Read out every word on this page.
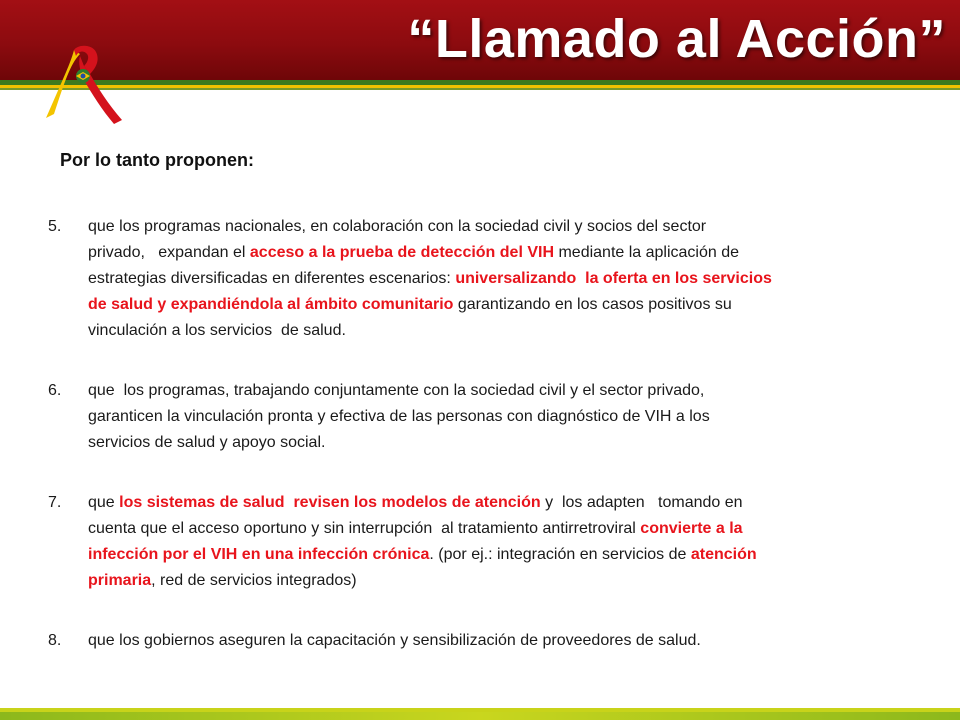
“Llamado al Acción”
Por lo tanto proponen:
5.	que los programas nacionales, en colaboración con la sociedad civil y socios del sector
privado,   expandan el acceso a la prueba de detección del VIH mediante la aplicación de
estrategias diversificadas en diferentes escenarios: universalizando  la oferta en los servicios
de salud y expandiéndola al ámbito comunitario garantizando en los casos positivos su
vinculación a los servicios  de salud.
6.	que  los programas, trabajando conjuntamente con la sociedad civil y el sector privado,
garanticen la vinculación pronta y efectiva de las personas con diagnóstico de VIH a los
servicios de salud y apoyo social.
7.	que los sistemas de salud  revisen los modelos de atención y  los adapten   tomando en
cuenta que el acceso oportuno y sin interrupción  al tratamiento antirretroviral convierte a la
infección por el VIH en una infección crónica. (por ej.: integración en servicios de atención
primaria, red de servicios integrados)
8.	que los gobiernos aseguren la capacitación y sensibilización de proveedores de salud.
